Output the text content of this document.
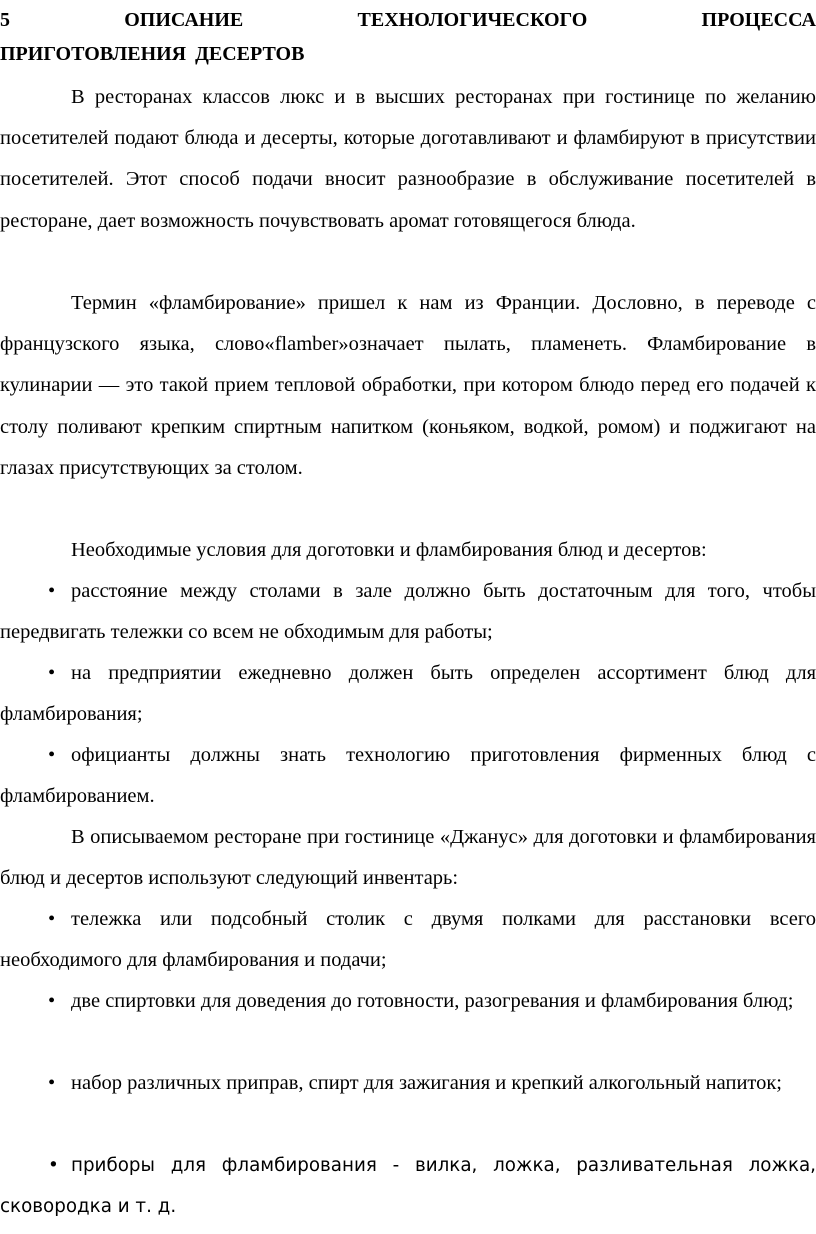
5 ОПИСАНИЕ ТЕХНОЛОГИЧЕСКОГО ПРОЦЕССА

ПРИГОТОВЛЕНИЯ ДЕСЕРТОВ

В ресторанах классов люкс и в высших ресторанах при гостинице по желанию посетителей подают блюда и десерты, которые доготавливают и фламбируют в присутствии посетителей. Этот способ подачи вносит разнообразие в обслуживание посетителей в ресторане, дает возможность почувствовать аромат готовящегося блюда.

Термин «фламбирование» пришел к нам из Франции. Дословно, в переводе с французского языка, слово«flamber»означает пылать, пламенеть. Фламбирование в кулинарии — это такой прием тепловой обработки, при котором блюдо перед его подачей к столу поливают крепким спиртным напитком (коньяком, водкой, ромом) и поджигают на глазах присутствующих за столом.

Необходимые условия для доготовки и фламбирования блюд и десертов:

• расстояние между столами в зале должно быть достаточным для того, чтобы передвигать тележки со всем не обходимым для работы;
• на предприятии ежедневно должен быть определен ассортимент блюд для фламбирования;
• официанты должны знать технологию приготовления фирменных блюд с фламбированием.

В описываемом ресторане при гостинице «Джанус» для доготовки и фламбирования блюд и десертов используют следующий инвентарь:

• тележка или подсобный столик с двумя полками для расстановки всего необходимого для фламбирования и подачи;
• две спиртовки для доведения до готовности, разогревания и фламбирования блюд;
• набор различных приправ, спирт для зажигания и крепкий алкогольный напиток;
• приборы для фламбирования - вилка, ложка, разливательная ложка, сковородка и т. д.
